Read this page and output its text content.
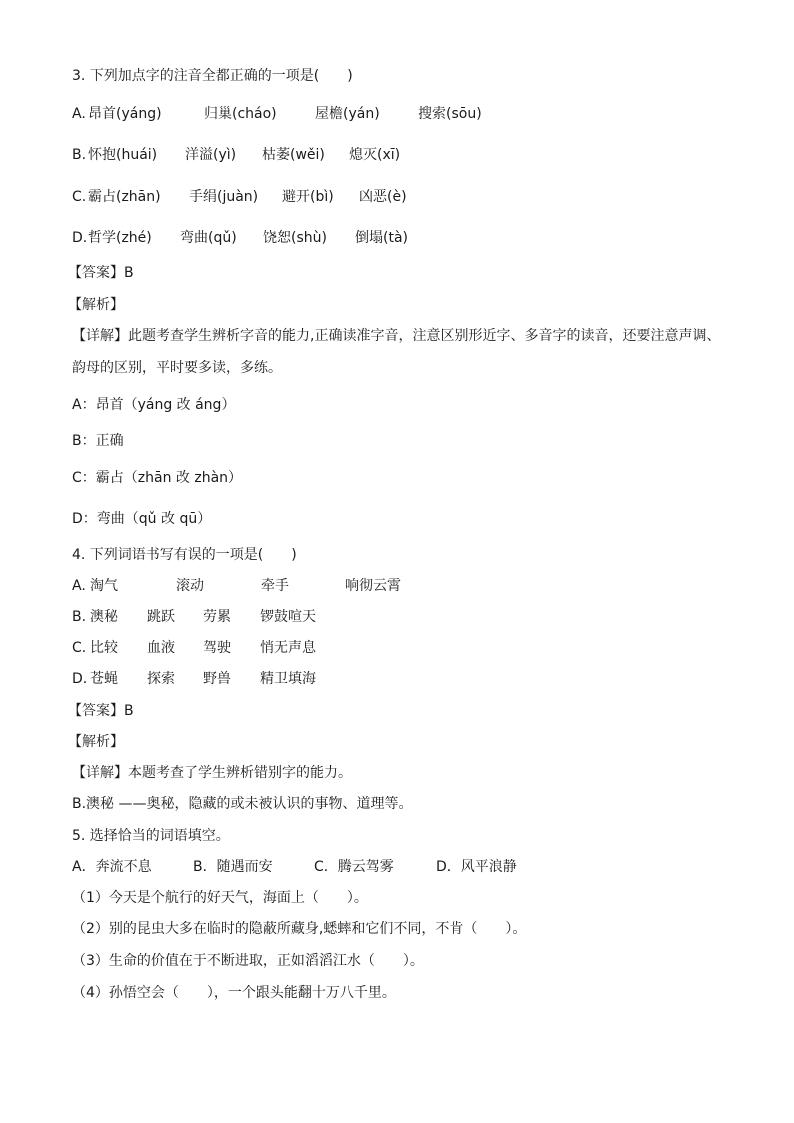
3. 下列加点字的注音全都正确的一项是(　　)
A. 昂首(yáng)	归巢(cháo)	屋檐(yán)	搜索(sōu)
B. 怀抱(huái) 洋溢(yì) 枯萎(wěi) 熄灭(xī)
C. 霸占(zhān) 手绢(juàn) 避开(bì) 凶恶(è)
D. 哲学(zhé) 弯曲(qǔ) 饶恕(shù) 倒塌(tà)
【答案】B
【解析】
【详解】此题考查学生辨析字音的能力,正确读准字音，注意区别形近字、多音字的读音，还要注意声调、
韵母的区别，平时要多读，多练。
A：昂首（yáng 改 áng）
B：正确
C：霸占（zhān 改 zhàn）
D：弯曲（qǔ 改 qū）
4. 下列词语书写有误的一项是(　　)
A. 淘气	滚动	牵手	响彻云霄
B. 澳秘 跳跃 劳累 锣鼓喧天
C. 比较 血液 驾驶 悄无声息
D. 苍蝇 探索 野兽 精卫填海
【答案】B
【解析】
【详解】本题考查了学生辨析错别字的能力。
B.澳秘 ——奥秘，隐藏的或未被认识的事物、道理等。
5. 选择恰当的词语填空。
A．奔流不息	B．随遇而安	C．腾云驾雾	D．风平浪静
（1）今天是个航行的好天气，海面上（　　）。
（2）别的昆虫大多在临时的隐蔽所藏身,蟋蟀和它们不同，不肯（　　）。
（3）生命的价值在于不断进取，正如滔滔江水（　　）。
（4）孙悟空会（　　），一个跟头能翻十万八千里。
